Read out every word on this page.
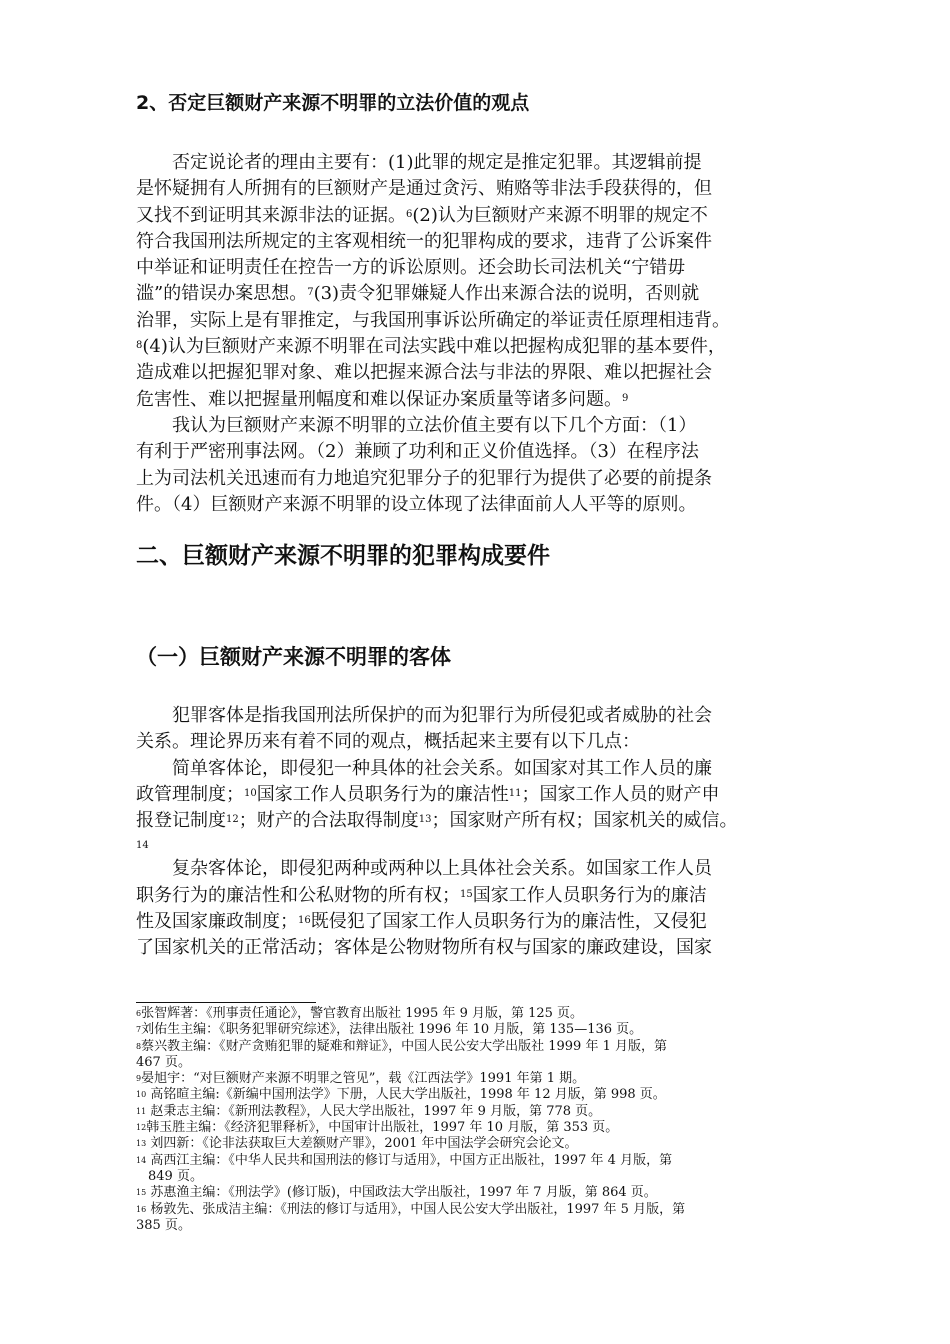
2、否定巨额财产来源不明罪的立法价值的观点
　　否定说论者的理由主要有：(1)此罪的规定是推定犯罪。其逻辑前提
是怀疑拥有人所拥有的巨额财产是通过贪污、贿赂等非法手段获得的，但
又找不到证明其来源非法的证据。$^6$(2)认为巨额财产来源不明罪的规定不
符合我国刑法所规定的主客观相统一的犯罪构成的要求，违背了公诉案件
中举证和证明责任在控告一方的诉讼原则。还会助长司法机关“宁错毋
滥”的错误办案思想。$^7$(3)责令犯罪嫌疑人作出来源合法的说明，否则就
治罪，实际上是有罪推定，与我国刑事诉讼所确定的举证责任原理相违背。
$^8$(4)认为巨额财产来源不明罪在司法实践中难以把握构成犯罪的基本要件，
造成难以把握犯罪对象、难以把握来源合法与非法的界限、难以把握社会
危害性、难以把握量刑幅度和难以保证办案质量等诸多问题。$^9$
　　我认为巨额财产来源不明罪的立法价值主要有以下几个方面：（1）
有利于严密刑事法网。（2）兼顾了功利和正义价值选择。（3）在程序法
上为司法机关迅速而有力地追究犯罪分子的犯罪行为提供了必要的前提条
件。（4）巨额财产来源不明罪的设立体现了法律面前人人平等的原则。
二、巨额财产来源不明罪的犯罪构成要件
（一）巨额财产来源不明罪的客体
　　犯罪客体是指我国刑法所保护的而为犯罪行为所侵犯或者威胁的社会
关系。理论界历来有着不同的观点，概括起来主要有以下几点：
　　简单客体论，即侵犯一种具体的社会关系。如国家对其工作人员的廉
政管理制度；$^{10}$国家工作人员职务行为的廉洁性$^{11}$；国家工作人员的财产申
报登记制度$^{12}$；财产的合法取得制度$^{13}$；国家财产所有权；国家机关的威信。
$^{14}$
　　复杂客体论，即侵犯两种或两种以上具体社会关系。如国家工作人员
职务行为的廉洁性和公私财物的所有权；$^{15}$国家工作人员职务行为的廉洁
性及国家廉政制度；$^{16}$既侵犯了国家工作人员职务行为的廉洁性，又侵犯
了国家机关的正常活动；客体是公物财物所有权与国家的廉政建设，国家
$^6$张智辉著：《刑事责任通论》，警官教育出版社 1995 年 9 月版，第 125 页。
$^7$刘佑生主编：《职务犯罪研究综述》，法律出版社 1996 年 10 月版，第 135—136 页。
$^8$蔡兴教主编：《财产贪贿犯罪的疑难和辩证》，中国人民公安大学出版社 1999 年 1 月版，第
467 页。
$^9$晏旭宇：“对巨额财产来源不明罪之管见”，载《江西法学》1991 年第 1 期。
$^{10}$ 高铭暄主编:《新编中国刑法学》下册，人民大学出版社，1998 年 12 月版，第 998 页。
$^{11}$ 赵秉志主编：《新刑法教程》，人民大学出版社，1997 年 9 月版，第 778 页。
$^{12}$韩玉胜主编：《经济犯罪释析》，中国审计出版社，1997 年 10 月版，第 353 页。
$^{13}$ 刘四新：《论非法获取巨大差额财产罪》，2001 年中国法学会研究会论文。
$^{14}$ 高西江主编：《中华人民共和国刑法的修订与适用》，中国方正出版社，1997 年 4 月版，第
849 页。
$^{15}$ 苏惠渔主编：《刑法学》(修订版)，中国政法大学出版社，1997 年 7 月版，第 864 页。
$^{16}$ 杨敦先、张成洁主编：《刑法的修订与适用》，中国人民公安大学出版社，1997 年 5 月版，第
385 页。
